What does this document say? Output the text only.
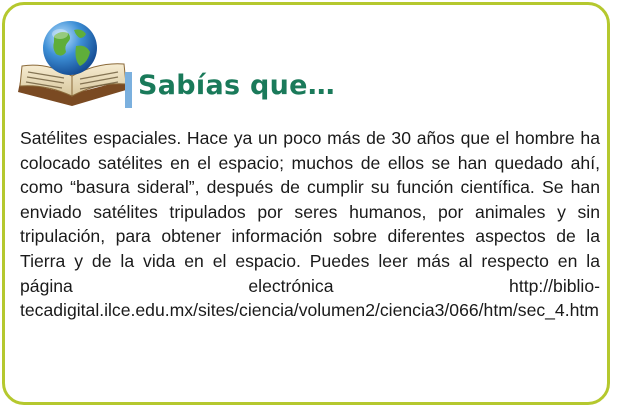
Sabías que…

Satélites espaciales. Hace ya un poco más de 30 años que el hombre ha colocado satélites en el espacio; muchos de ellos se han quedado ahí, como “basura sideral”, después de cumplir su función científica. Se han enviado satélites tripulados por seres humanos, por animales y sin tripulación, para obtener información sobre diferentes aspectos de la Tierra y de la vida en el espacio. Puedes leer más al respecto en la página electrónica http://biblio-tecadigital.ilce.edu.mx/sites/ciencia/volumen2/ciencia3/066/htm/sec_4.htm
